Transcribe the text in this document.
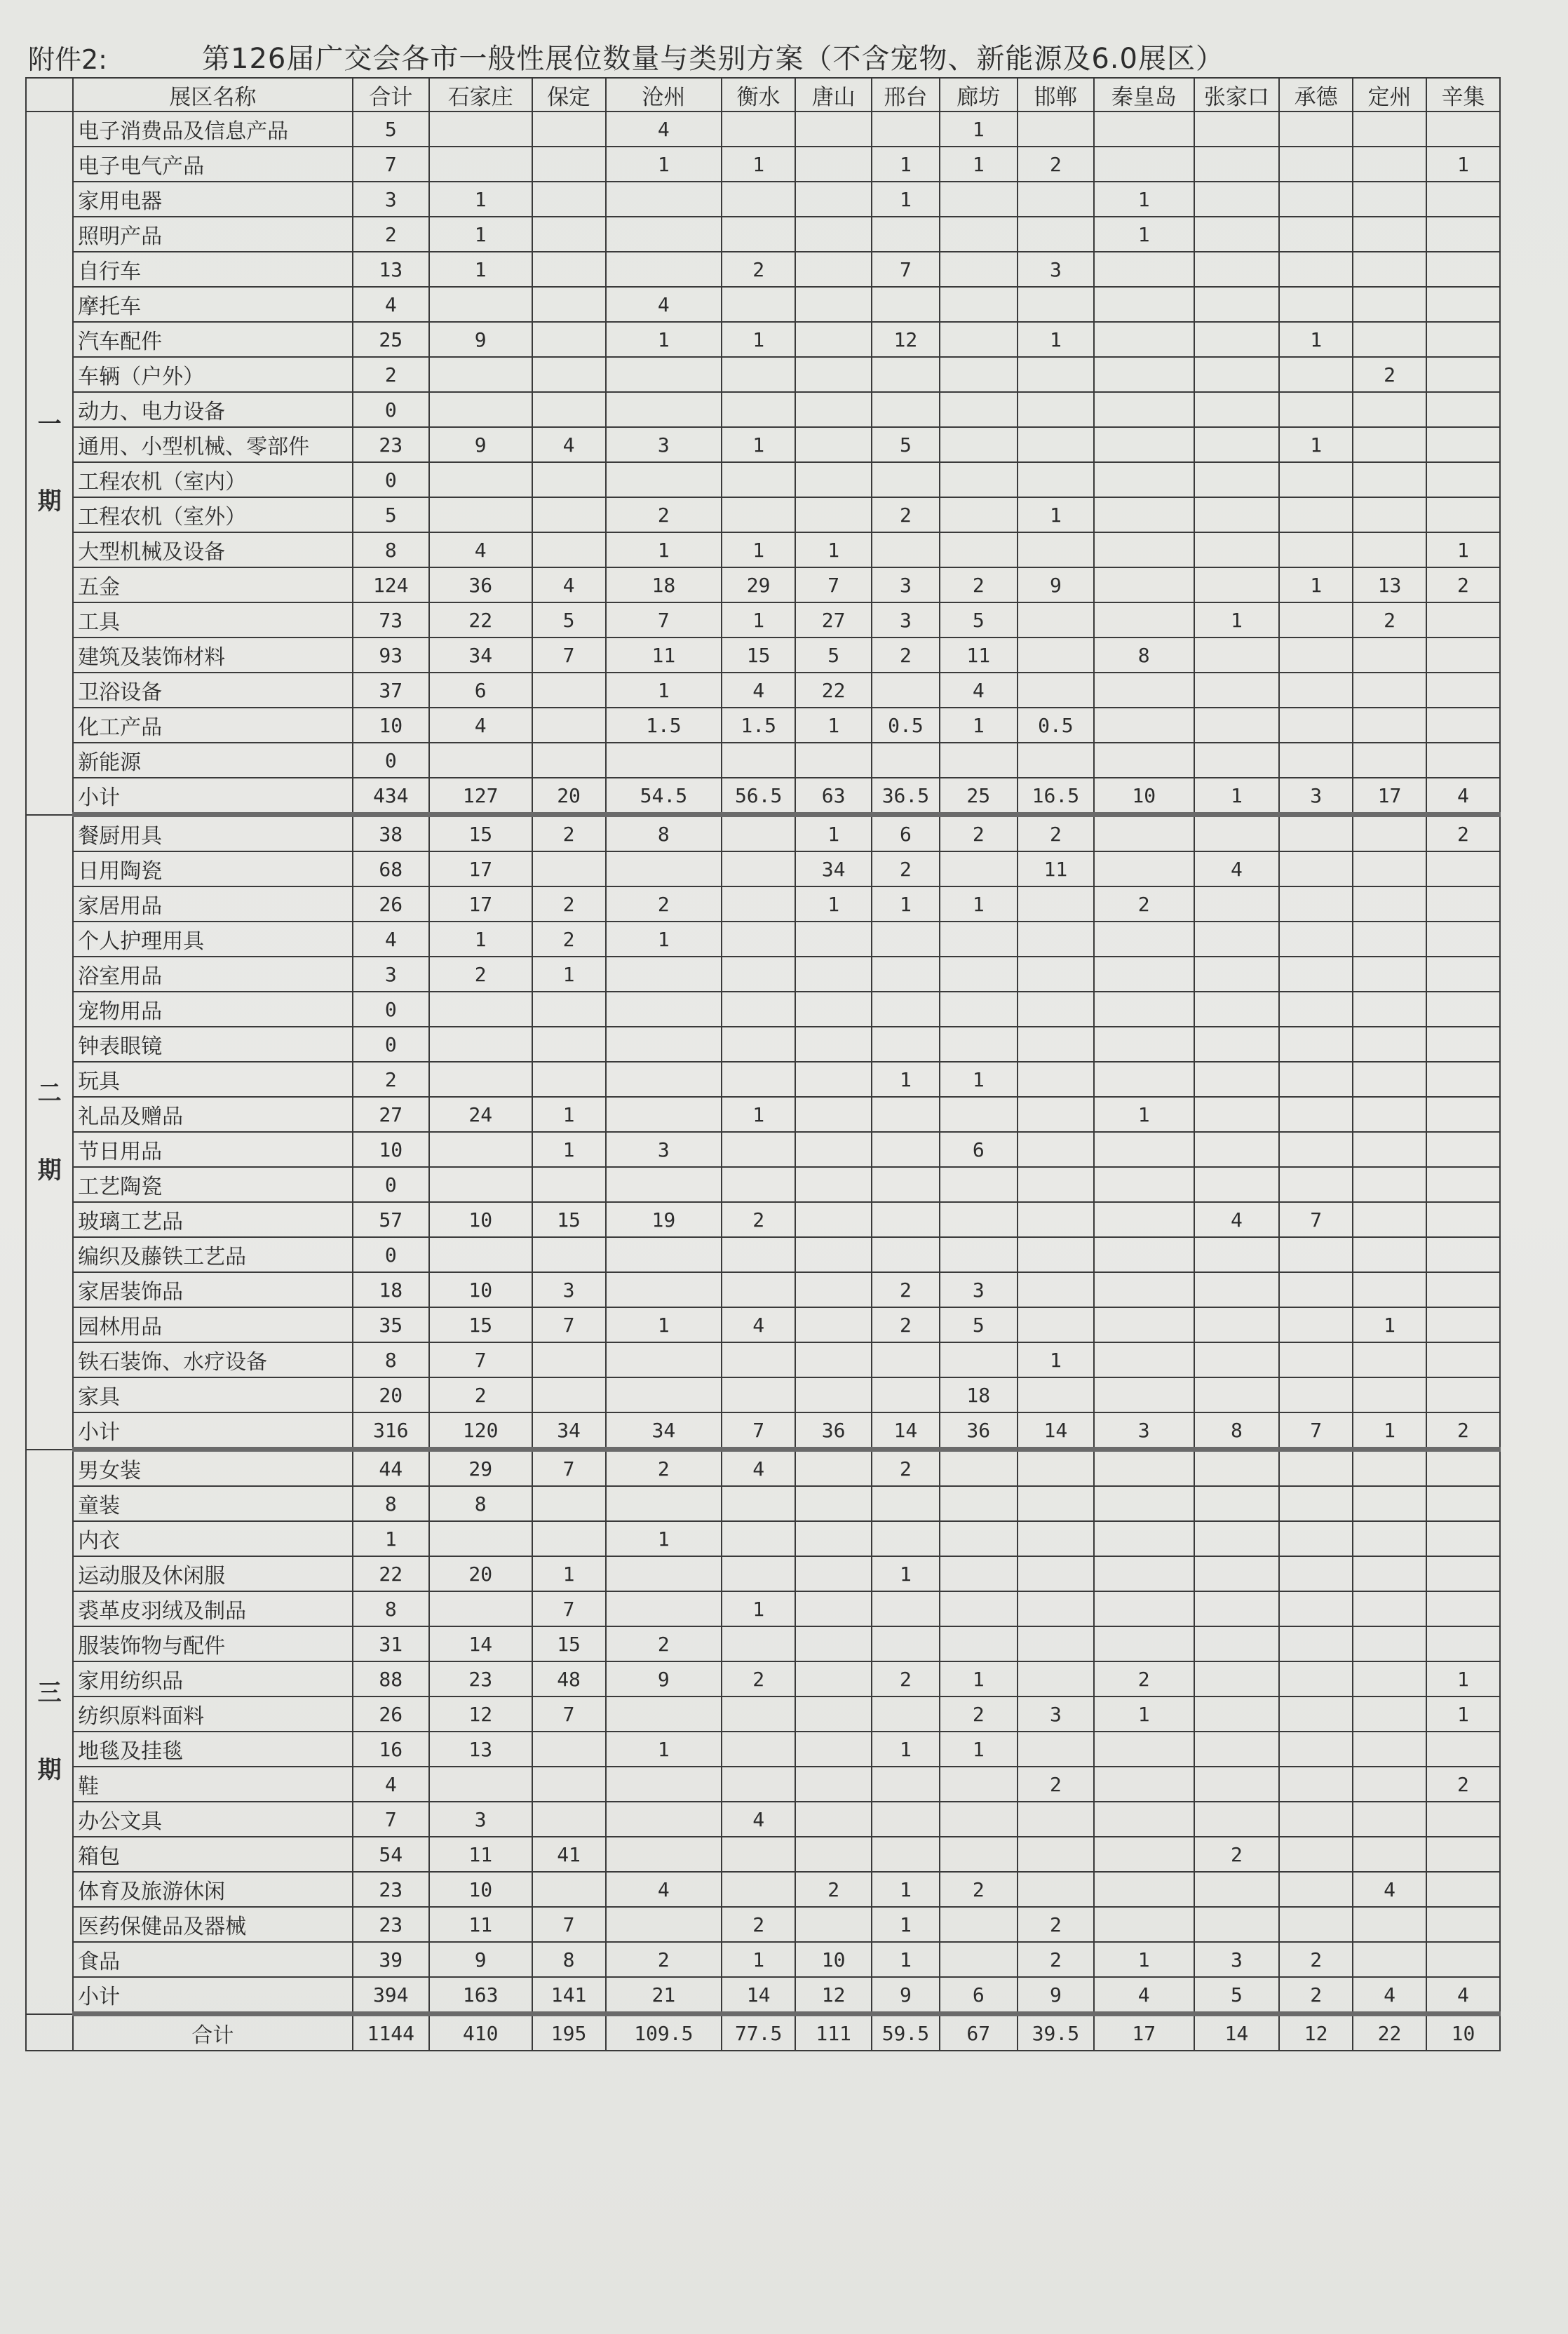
附件2:	第126届广交会各市一般性展位数量与类别方案（不含宠物、新能源及6.0展区）
	展区名称	合计	石家庄	保定	沧州	衡水	唐山	邢台	廊坊	邯郸	秦皇岛	张家口	承德	定州	辛集

一
期	电子消费品及信息产品	5			4				1						
	电子电气产品	7			1	1		1	1	2					1
	家用电器	3	1					1			1				
	照明产品	2	1								1				
	自行车	13	1			2		7		3					
	摩托车	4			4										
	汽车配件	25	9		1	1		12		1			1		
	车辆（户外）	2												2	
	动力、电力设备	0													
	通用、小型机械、零部件	23	9	4	3	1		5					1		
	工程农机（室内）	0													
	工程农机（室外）	5			2			2		1					
	大型机械及设备	8	4		1	1	1								1
	五金	124	36	4	18	29	7	3	2	9			1	13	2
	工具	73	22	5	7	1	27	3	5			1		2	
	建筑及装饰材料	93	34	7	11	15	5	2	11		8				
	卫浴设备	37	6		1	4	22		4						
	化工产品	10	4		1.5	1.5	1	0.5	1	0.5					
	新能源	0													
	小计	434	127	20	54.5	56.5	63	36.5	25	16.5	10	1	3	17	4

二
期	餐厨用具	38	15	2	8		1	6	2	2					2
	日用陶瓷	68	17				34	2		11		4			
	家居用品	26	17	2	2		1	1	1		2				
	个人护理用具	4	1	2	1										
	浴室用品	3	2	1											
	宠物用品	0													
	钟表眼镜	0													
	玩具	2						1	1						
	礼品及赠品	27	24	1		1					1				
	节日用品	10		1	3				6						
	工艺陶瓷	0													
	玻璃工艺品	57	10	15	19	2						4	7		
	编织及藤铁工艺品	0													
	家居装饰品	18	10	3				2	3						
	园林用品	35	15	7	1	4		2	5					1	
	铁石装饰、水疗设备	8	7							1					
	家具	20	2						18						
	小计	316	120	34	34	7	36	14	36	14	3	8	7	1	2

三
期	男女装	44	29	7	2	4		2							
	童装	8	8												
	内衣	1			1										
	运动服及休闲服	22	20	1				1							
	裘革皮羽绒及制品	8		7		1									
	服装饰物与配件	31	14	15	2										
	家用纺织品	88	23	48	9	2		2	1		2				1
	纺织原料面料	26	12	7					2	3	1				1
	地毯及挂毯	16	13		1			1	1						
	鞋	4								2					2
	办公文具	7	3			4									
	箱包	54	11	41								2			
	体育及旅游休闲	23	10		4		2	1	2					4	
	医药保健品及器械	23	11	7		2		1		2					
	食品	39	9	8	2	1	10	1		2	1	3	2		
	小计	394	163	141	21	14	12	9	6	9	4	5	2	4	4
	合计	1144	410	195	109.5	77.5	111	59.5	67	39.5	17	14	12	22	10
